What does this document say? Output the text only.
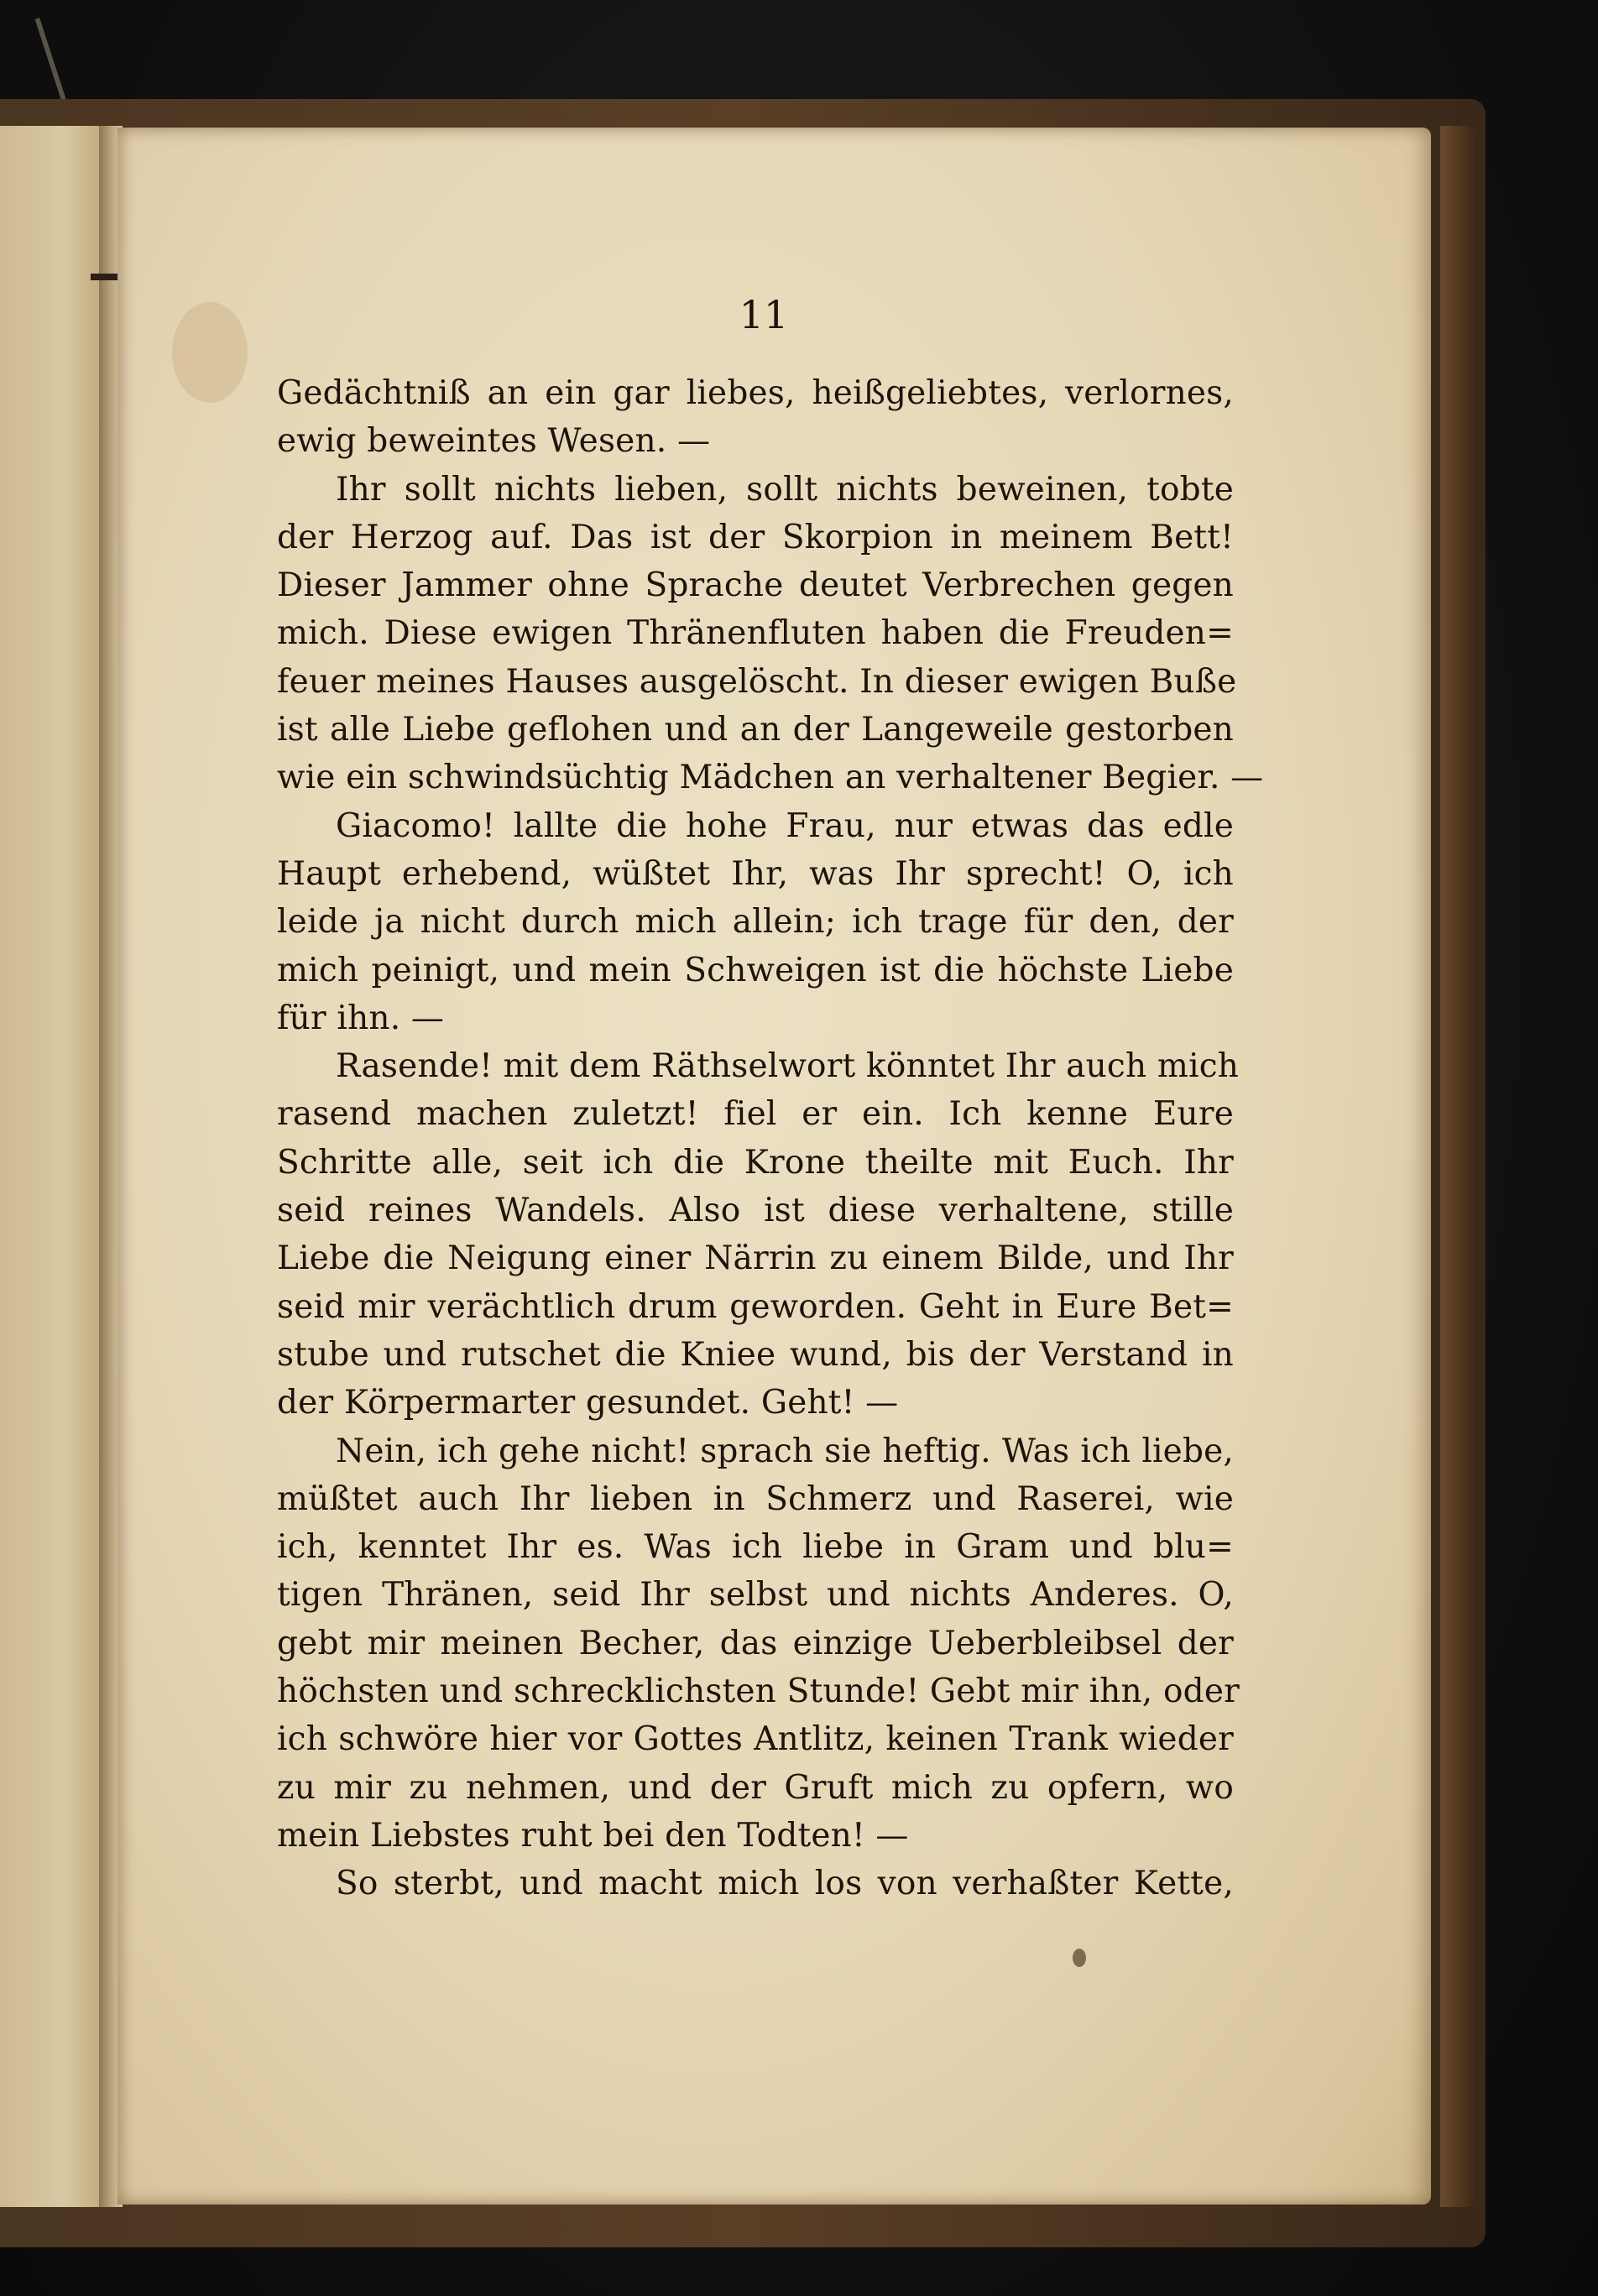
11
Gedächtniß an ein gar liebes, heißgeliebtes, verlornes,
ewig beweintes Wesen. —
Ihr sollt nichts lieben, sollt nichts beweinen, tobte
der Herzog auf. Das ist der Skorpion in meinem Bett!
Dieser Jammer ohne Sprache deutet Verbrechen gegen
mich. Diese ewigen Thränenfluten haben die Freuden=
feuer meines Hauses ausgelöscht. In dieser ewigen Buße
ist alle Liebe geflohen und an der Langeweile gestorben
wie ein schwindsüchtig Mädchen an verhaltener Begier. —
Giacomo! lallte die hohe Frau, nur etwas das edle
Haupt erhebend, wüßtet Ihr, was Ihr sprecht! O, ich
leide ja nicht durch mich allein; ich trage für den, der
mich peinigt, und mein Schweigen ist die höchste Liebe
für ihn. —
Rasende! mit dem Räthselwort könntet Ihr auch mich
rasend machen zuletzt! fiel er ein. Ich kenne Eure
Schritte alle, seit ich die Krone theilte mit Euch. Ihr
seid reines Wandels. Also ist diese verhaltene, stille
Liebe die Neigung einer Närrin zu einem Bilde, und Ihr
seid mir verächtlich drum geworden. Geht in Eure Bet=
stube und rutschet die Kniee wund, bis der Verstand in
der Körpermarter gesundet. Geht! —
Nein, ich gehe nicht! sprach sie heftig. Was ich liebe,
müßtet auch Ihr lieben in Schmerz und Raserei, wie
ich, kenntet Ihr es. Was ich liebe in Gram und blu=
tigen Thränen, seid Ihr selbst und nichts Anderes. O,
gebt mir meinen Becher, das einzige Ueberbleibsel der
höchsten und schrecklichsten Stunde! Gebt mir ihn, oder
ich schwöre hier vor Gottes Antlitz, keinen Trank wieder
zu mir zu nehmen, und der Gruft mich zu opfern, wo
mein Liebstes ruht bei den Todten! —
So sterbt, und macht mich los von verhaßter Kette,
